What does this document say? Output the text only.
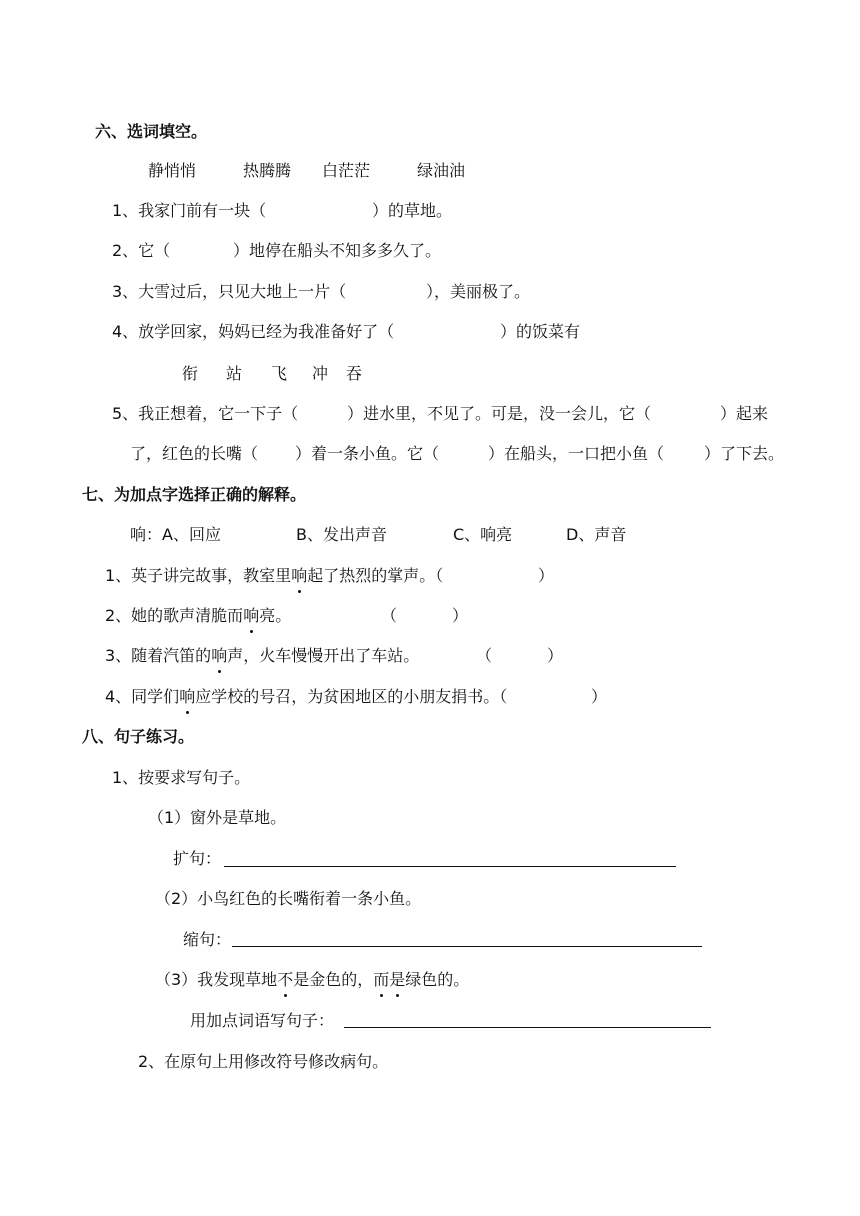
六、选词填空。
静悄悄	热腾腾 白茫茫	绿油油
1、我家门前有一块（	）的草地。
2、它（	）地停在船头不知多多久了。
3、大雪过后，只见大地上一片（	），美丽极了。
4、放学回家，妈妈已经为我准备好了（	）的饭菜有
衔 站 飞 冲 吞
5、我正想着，它一下子（	）进水里，不见了。可是，没一会儿，它（	）起来
了，红色的长嘴（ ）着一条小鱼。它（	）在船头，一口把小鱼（ ）了下去。
七、为加点字选择正确的解释。
响： A、回应	B、发出声音	C、响亮	D、声音
1、英子讲完故事，教室里响起了热烈的掌声。（	）
2、她的歌声清脆而响亮。	（	）
3、随着汽笛的响声，火车慢慢开出了车站。	（	）
4、同学们响应学校的号召，为贫困地区的小朋友捐书。（	）
八、句子练习。
1、按要求写句子。
（1）窗外是草地。
扩句：
（2）小鸟红色的长嘴衔着一条小鱼。
缩句：
（3）我发现草地不是金色的，而是绿色的。
用加点词语写句子：
2、在原句上用修改符号修改病句。
